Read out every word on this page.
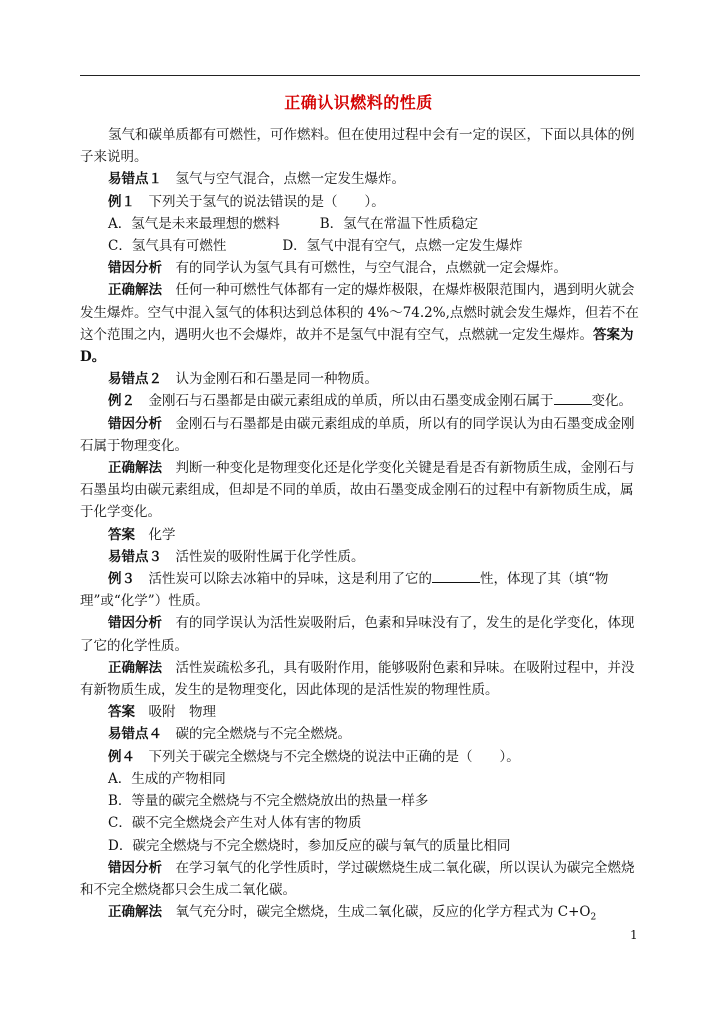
正确认识燃料的性质

氢气和碳单质都有可燃性，可作燃料。但在使用过程中会有一定的误区，下面以具体的例子来说明。

易错点１　氢气与空气混合，点燃一定发生爆炸。

例１　下列关于氢气的说法错误的是（　　）。

A．氢气是未来最理想的燃料	B．氢气在常温下性质稳定

C．氢气具有可燃性	D．氢气中混有空气，点燃一定发生爆炸

错因分析　有的同学认为氢气具有可燃性，与空气混合，点燃就一定会爆炸。

正确解法　任何一种可燃性气体都有一定的爆炸极限，在爆炸极限范围内，遇到明火就会发生爆炸。空气中混入氢气的体积达到总体积的 4%～74.2%,点燃时就会发生爆炸，但若不在这个范围之内，遇明火也不会爆炸，故并不是氢气中混有空气，点燃就一定发生爆炸。答案为 D。

易错点２　认为金刚石和石墨是同一种物质。

例２　金刚石与石墨都是由碳元素组成的单质，所以由石墨变成金刚石属于	变化。

错因分析　金刚石与石墨都是由碳元素组成的单质，所以有的同学误认为由石墨变成金刚石属于物理变化。

正确解法　判断一种变化是物理变化还是化学变化关键是看是否有新物质生成，金刚石与石墨虽均由碳元素组成，但却是不同的单质，故由石墨变成金刚石的过程中有新物质生成，属于化学变化。

答案　化学

易错点３　活性炭的吸附性属于化学性质。

例３　活性炭可以除去冰箱中的异味，这是利用了它的	性，体现了其（填“物理”或“化学”）性质。

错因分析　有的同学误认为活性炭吸附后，色素和异味没有了，发生的是化学变化，体现了它的化学性质。

正确解法　活性炭疏松多孔，具有吸附作用，能够吸附色素和异味。在吸附过程中，并没有新物质生成，发生的是物理变化，因此体现的是活性炭的物理性质。

答案　吸附　物理

易错点４　碳的完全燃烧与不完全燃烧。

例４　下列关于碳完全燃烧与不完全燃烧的说法中正确的是（　　）。

A．生成的产物相同

B．等量的碳完全燃烧与不完全燃烧放出的热量一样多

C．碳不完全燃烧会产生对人体有害的物质

D．碳完全燃烧与不完全燃烧时，参加反应的碳与氧气的质量比相同

错因分析　在学习氧气的化学性质时，学过碳燃烧生成二氧化碳，所以误认为碳完全燃烧和不完全燃烧都只会生成二氧化碳。

正确解法　氧气充分时，碳完全燃烧，生成二氧化碳，反应的化学方程式为 $C+O_2$

1
